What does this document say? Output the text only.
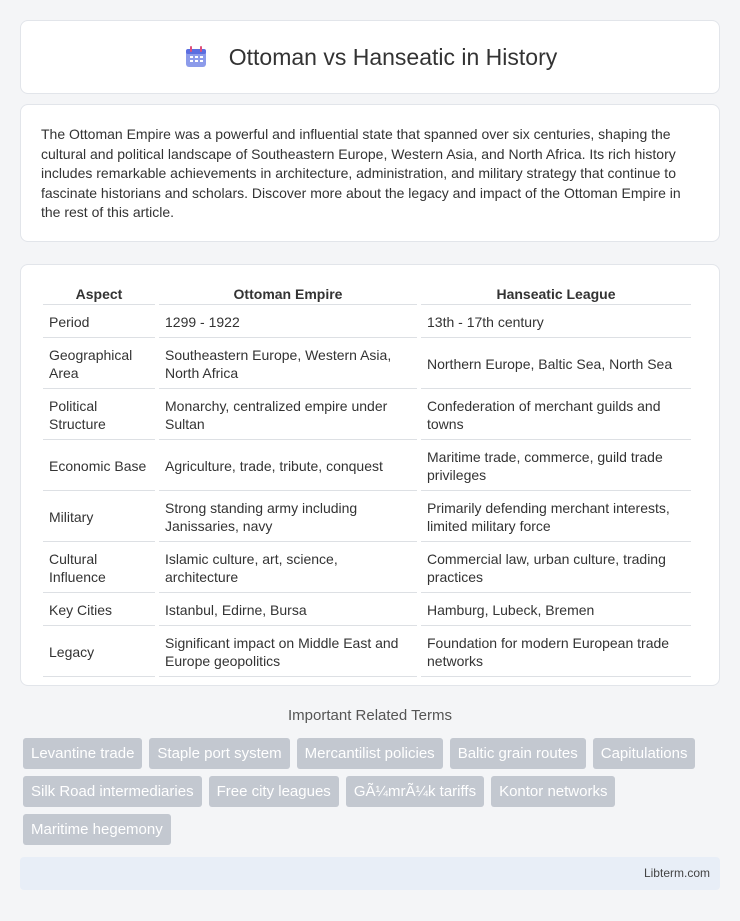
Ottoman vs Hanseatic in History

The Ottoman Empire was a powerful and influential state that spanned over six centuries, shaping the cultural and political landscape of Southeastern Europe, Western Asia, and North Africa. Its rich history includes remarkable achievements in architecture, administration, and military strategy that continue to fascinate historians and scholars. Discover more about the legacy and impact of the Ottoman Empire in the rest of this article.

Aspect	Ottoman Empire	Hanseatic League
Period	1299 - 1922	13th - 17th century
Geographical Area	Southeastern Europe, Western Asia, North Africa	Northern Europe, Baltic Sea, North Sea
Political Structure	Monarchy, centralized empire under Sultan	Confederation of merchant guilds and towns
Economic Base	Agriculture, trade, tribute, conquest	Maritime trade, commerce, guild trade privileges
Military	Strong standing army including Janissaries, navy	Primarily defending merchant interests, limited military force
Cultural Influence	Islamic culture, art, science, architecture	Commercial law, urban culture, trading practices
Key Cities	Istanbul, Edirne, Bursa	Hamburg, Lubeck, Bremen
Legacy	Significant impact on Middle East and Europe geopolitics	Foundation for modern European trade networks
Important Related Terms
Levantine trade	Staple port system	Mercantilist policies	Baltic grain routes	Capitulations
Silk Road intermediaries	Free city leagues	GÃ¼mrÃ¼k tariffs	Kontor networks
Maritime hegemony
Libterm.com
